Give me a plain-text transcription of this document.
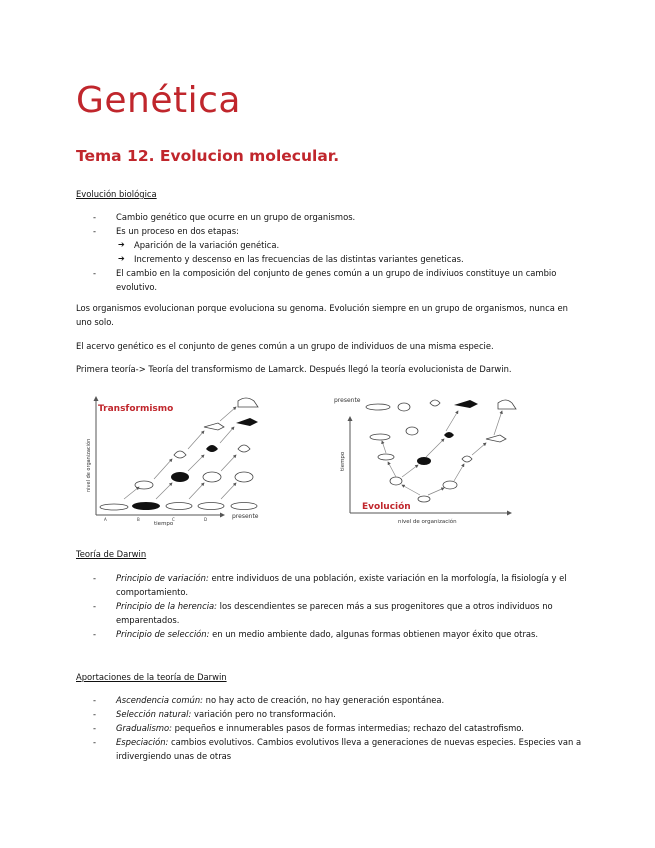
Genética
Tema 12. Evolucion molecular.

Evolución biológica

- Cambio genético que ocurre en un grupo de organismos.
- Es un proceso en dos etapas:
➔ Aparición de la variación genética.
➔ Incremento y descenso en las frecuencias de las distintas variantes geneticas.
- El cambio en la composición del conjunto de genes común a un grupo de indiviuos constituye un cambio evolutivo.

Los organismos evolucionan porque evoluciona su genoma. Evolución siempre en un grupo de organismos, nunca en uno solo.

El acervo genético es el conjunto de genes común a un grupo de individuos de una misma especie.

Primera teoría-> Teoría del transformismo de Lamarck. Después llegó la teoría evolucionista de Darwin.

Transformismo
nivel de organización
tiempo
presente
A	B	C	D
presente
tiempo
Evolución
nivel de organización

Teoría de Darwin

- Principio de variación: entre individuos de una población, existe variación en la morfología, la fisiología y el comportamiento.
- Principio de la herencia: los descendientes se parecen más a sus progenitores que a otros individuos no emparentados.
- Principio de selección: en un medio ambiente dado, algunas formas obtienen mayor éxito que otras.

Aportaciones de la teoría de Darwin

- Ascendencia común: no hay acto de creación, no hay generación espontánea.
- Selección natural: variación pero no transformación.
- Gradualismo: pequeños e innumerables pasos de formas intermedias; rechazo del catastrofismo.
- Especiación: cambios evolutivos. Cambios evolutivos lleva a generaciones de nuevas especies. Especies van a irdivergiendo unas de otras
